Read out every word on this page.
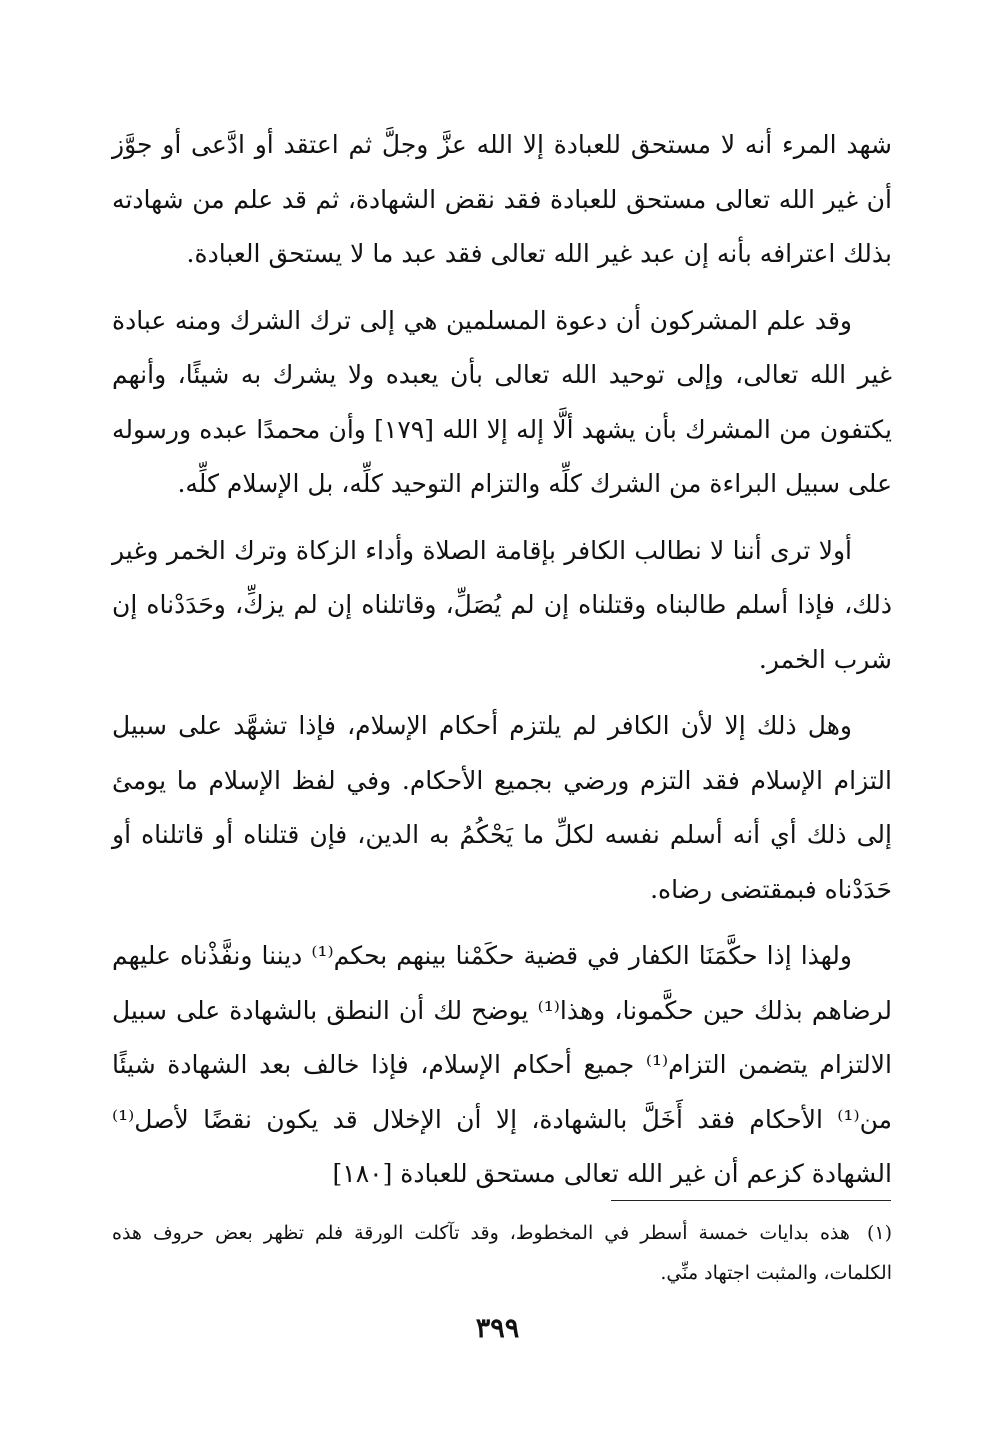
شهد المرء أنه لا مستحق للعبادة إلا الله عزَّ وجلَّ ثم اعتقد أو ادَّعى أو جوَّز أن غير الله تعالى مستحق للعبادة فقد نقض الشهادة، ثم قد علم من شهادته بذلك اعترافه بأنه إن عبد غير الله تعالى فقد عبد ما لا يستحق العبادة.

وقد علم المشركون أن دعوة المسلمين هي إلى ترك الشرك ومنه عبادة غير الله تعالى، وإلى توحيد الله تعالى بأن يعبده ولا يشرك به شيئًا، وأنهم يكتفون من المشرك بأن يشهد ألَّا إله إلا الله [١٧٩] وأن محمدًا عبده ورسوله على سبيل البراءة من الشرك كلِّه والتزام التوحيد كلِّه، بل الإسلام كلِّه.

أولا ترى أننا لا نطالب الكافر بإقامة الصلاة وأداء الزكاة وترك الخمر وغير ذلك، فإذا أسلم طالبناه وقتلناه إن لم يُصَلِّ، وقاتلناه إن لم يزكِّ، وحَدَدْناه إن شرب الخمر.

وهل ذلك إلا لأن الكافر لم يلتزم أحكام الإسلام، فإذا تشهَّد على سبيل التزام الإسلام فقد التزم ورضي بجميع الأحكام. وفي لفظ الإسلام ما يومئ إلى ذلك أي أنه أسلم نفسه لكلِّ ما يَحْكُمُ به الدين، فإن قتلناه أو قاتلناه أو حَدَدْناه فبمقتضى رضاه.

ولهذا إذا حكَّمَنَا الكفار في قضية حكَمْنا بينهم بحكم⁽¹⁾ ديننا ونفَّذْناه عليهم لرضاهم بذلك حين حكَّمونا، وهذا⁽¹⁾ يوضح لك أن النطق بالشهادة على سبيل الالتزام يتضمن التزام⁽¹⁾ جميع أحكام الإسلام، فإذا خالف بعد الشهادة شيئًا من⁽¹⁾ الأحكام فقد أَخَلَّ بالشهادة، إلا أن الإخلال قد يكون نقضًا لأصل⁽¹⁾ الشهادة كزعم أن غير الله تعالى مستحق للعبادة [١٨٠]

(١) هذه بدايات خمسة أسطر في المخطوط، وقد تآكلت الورقة فلم تظهر بعض حروف هذه الكلمات، والمثبت اجتهاد منِّي.
٣٩٩
